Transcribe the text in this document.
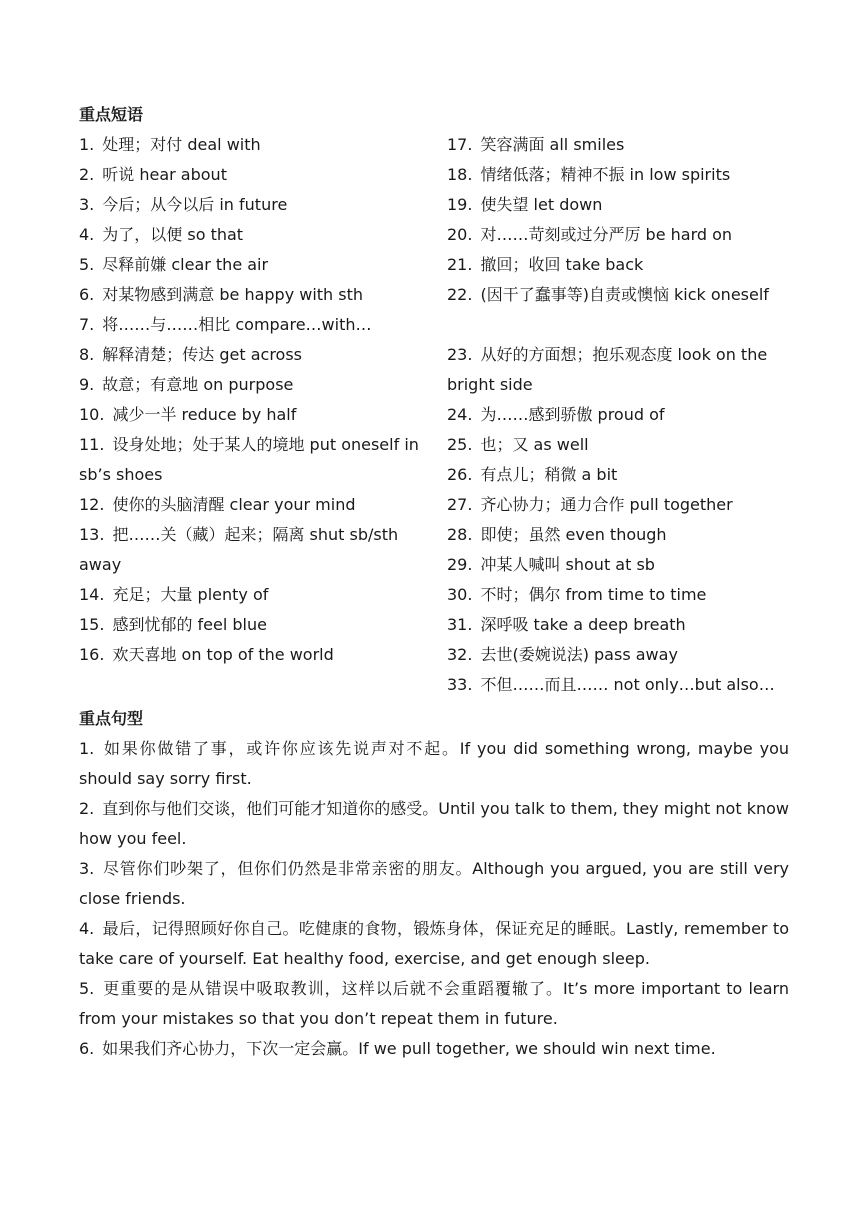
重点短语
1. 处理；对付 deal with
2. 听说 hear about
3. 今后；从今以后 in future
4. 为了，以便 so that
5. 尽释前嫌 clear the air
6. 对某物感到满意 be happy with sth
7. 将……与……相比 compare…with…
8. 解释清楚；传达 get across
9. 故意；有意地 on purpose
10. 减少一半 reduce by half
11. 设身处地；处于某人的境地 put oneself in sb’s shoes
12. 使你的头脑清醒 clear your mind
13. 把……关（藏）起来；隔离 shut sb/sth away
14. 充足；大量 plenty of
15. 感到忧郁的 feel blue
16. 欢天喜地 on top of the world
17. 笑容满面 all smiles
18. 情绪低落；精神不振 in low spirits
19. 使失望 let down
20. 对……苛刻或过分严厉 be hard on
21. 撤回；收回 take back
22. (因干了蠢事等)自责或懊恼 kick oneself
23. 从好的方面想；抱乐观态度 look on the bright side
24. 为……感到骄傲 proud of
25. 也；又 as well
26. 有点儿；稍微 a bit
27. 齐心协力；通力合作 pull together
28. 即使；虽然 even though
29. 冲某人喊叫 shout at sb
30. 不时；偶尔 from time to time
31. 深呼吸 take a deep breath
32. 去世(委婉说法) pass away
33. 不但……而且…… not only…but also…
重点句型
1. 如果你做错了事，或许你应该先说声对不起。If you did something wrong, maybe you should say sorry first.
2. 直到你与他们交谈，他们可能才知道你的感受。Until you talk to them, they might not know how you feel.
3. 尽管你们吵架了，但你们仍然是非常亲密的朋友。Although you argued, you are still very close friends.
4. 最后，记得照顾好你自己。吃健康的食物，锻炼身体，保证充足的睡眠。Lastly, remember to take care of yourself. Eat healthy food, exercise, and get enough sleep.
5. 更重要的是从错误中吸取教训，这样以后就不会重蹈覆辙了。It’s more important to learn from your mistakes so that you don’t repeat them in future.
6. 如果我们齐心协力，下次一定会赢。If we pull together, we should win next time.
